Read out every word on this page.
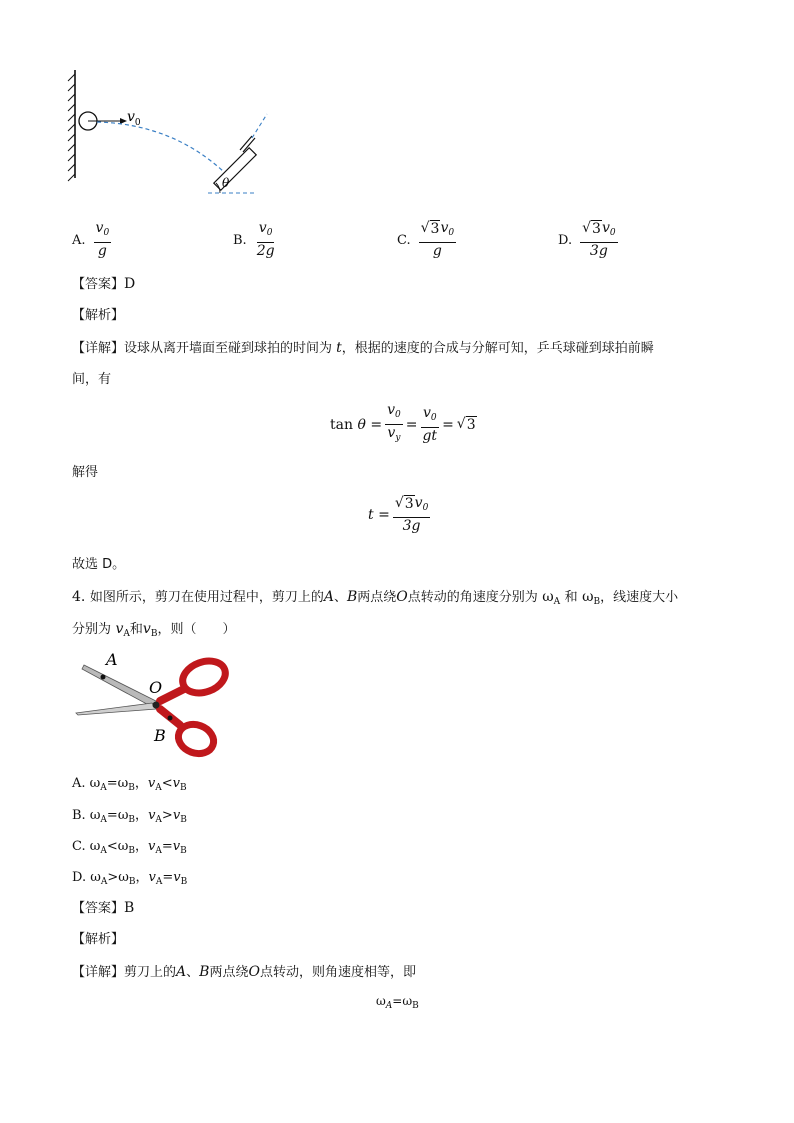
θ
$v_0$
A. $\frac{v_0}{g}$	B. $\frac{v_0}{2g}$	C. $\frac{√ 3 v_0}{g}$	D. $\frac{√ 3 v_0}{3g}$
【答案】D
【解析】
【详解】设球从离开墙面至碰到球拍的时间为 t，根据的速度的合成与分解可知，乒乓球碰到球拍前瞬
间，有
$\tan \theta = \frac{v_0}{v_y} = \frac{v_0}{gt}$ = √ 3
解得
$t = \frac{√ 3 v_0}{3g}$
故选 D。
4. 如图所示，剪刀在使用过程中，剪刀上的A、B两点绕O点转动的角速度分别为 $\omega_A$ 和 $\omega_B$，线速度大小
分别为 $v_A$和$v_B$，则（　　）
A
O
B
A. $\omega_A=\omega_B$，$v_A<v_B$
B. $\omega_A=\omega_B$，$v_A>v_B$
C. $\omega_A<\omega_B$，$v_A=v_B$
D. $\omega_A>\omega_B$，$v_A=v_B$
【答案】B
【解析】
【详解】剪刀上的A、B两点绕O点转动，则角速度相等，即
$\omega_A=\omega_B$
